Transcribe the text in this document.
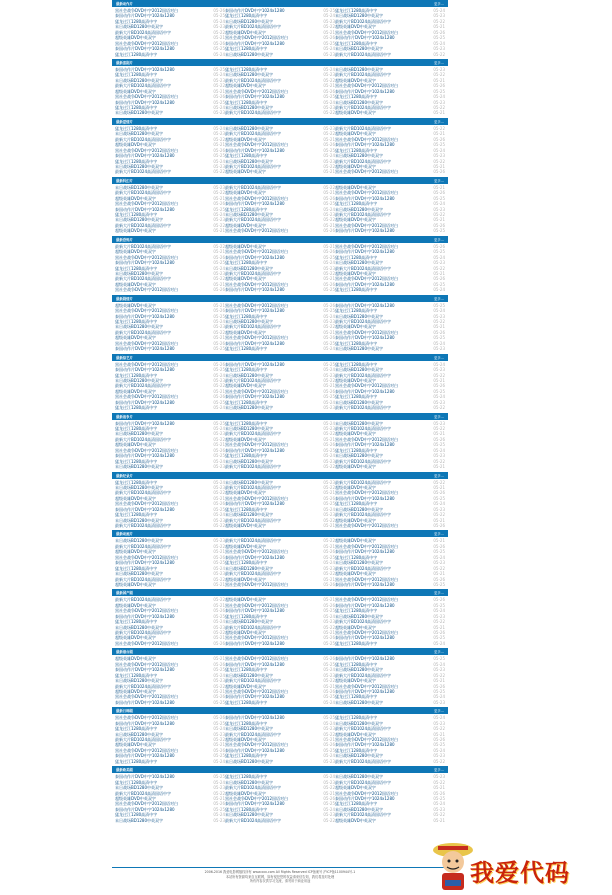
最新动作片	更多...
黑社会战争DVD中字2012国语对白	05-26
泰国动作片DVD中字1024x1280	05-25
猛龙过江1280高清中字	05-24
末日战场BD1280中英双字	05-23
最新大片BD1024高清国语中字	05-22
超级英雄DVD中英双字	05-21
黑社会战争DVD中字2012国语对白	05-26
泰国动作片DVD中字1024x1280	05-25
猛龙过江1280高清中字	05-24
泰国动作片DVD中字1024x1280	05-25
猛龙过江1280高清中字	05-24
末日战场BD1280中英双字	05-23
最新大片BD1024高清国语中字	05-22
超级英雄DVD中英双字	05-21
黑社会战争DVD中字2012国语对白	05-26
泰国动作片DVD中字1024x1280	05-25
猛龙过江1280高清中字	05-24
末日战场BD1280中英双字	05-23
猛龙过江1280高清中字	05-24
末日战场BD1280中英双字	05-23
最新大片BD1024高清国语中字	05-22
超级英雄DVD中英双字	05-21
黑社会战争DVD中字2012国语对白	05-26
泰国动作片DVD中字1024x1280	05-25
猛龙过江1280高清中字	05-24
末日战场BD1280中英双字	05-23
最新大片BD1024高清国语中字	05-22
最新喜剧片	更多...
泰国动作片DVD中字1024x1280	05-25
猛龙过江1280高清中字	05-24
末日战场BD1280中英双字	05-23
最新大片BD1024高清国语中字	05-22
超级英雄DVD中英双字	05-21
黑社会战争DVD中字2012国语对白	05-26
泰国动作片DVD中字1024x1280	05-25
猛龙过江1280高清中字	05-24
末日战场BD1280中英双字	05-23
猛龙过江1280高清中字	05-24
末日战场BD1280中英双字	05-23
最新大片BD1024高清国语中字	05-22
超级英雄DVD中英双字	05-21
黑社会战争DVD中字2012国语对白	05-26
泰国动作片DVD中字1024x1280	05-25
猛龙过江1280高清中字	05-24
末日战场BD1280中英双字	05-23
最新大片BD1024高清国语中字	05-22
末日战场BD1280中英双字	05-23
最新大片BD1024高清国语中字	05-22
超级英雄DVD中英双字	05-21
黑社会战争DVD中字2012国语对白	05-26
泰国动作片DVD中字1024x1280	05-25
猛龙过江1280高清中字	05-24
末日战场BD1280中英双字	05-23
最新大片BD1024高清国语中字	05-22
超级英雄DVD中英双字	05-21
最新爱情片	更多...
猛龙过江1280高清中字	05-24
末日战场BD1280中英双字	05-23
最新大片BD1024高清国语中字	05-22
超级英雄DVD中英双字	05-21
黑社会战争DVD中字2012国语对白	05-26
泰国动作片DVD中字1024x1280	05-25
猛龙过江1280高清中字	05-24
末日战场BD1280中英双字	05-23
最新大片BD1024高清国语中字	05-22
末日战场BD1280中英双字	05-23
最新大片BD1024高清国语中字	05-22
超级英雄DVD中英双字	05-21
黑社会战争DVD中字2012国语对白	05-26
泰国动作片DVD中字1024x1280	05-25
猛龙过江1280高清中字	05-24
末日战场BD1280中英双字	05-23
最新大片BD1024高清国语中字	05-22
超级英雄DVD中英双字	05-21
最新大片BD1024高清国语中字	05-22
超级英雄DVD中英双字	05-21
黑社会战争DVD中字2012国语对白	05-26
泰国动作片DVD中字1024x1280	05-25
猛龙过江1280高清中字	05-24
末日战场BD1280中英双字	05-23
最新大片BD1024高清国语中字	05-22
超级英雄DVD中英双字	05-21
黑社会战争DVD中字2012国语对白	05-26
最新科幻片	更多...
末日战场BD1280中英双字	05-23
最新大片BD1024高清国语中字	05-22
超级英雄DVD中英双字	05-21
黑社会战争DVD中字2012国语对白	05-26
泰国动作片DVD中字1024x1280	05-25
猛龙过江1280高清中字	05-24
末日战场BD1280中英双字	05-23
最新大片BD1024高清国语中字	05-22
超级英雄DVD中英双字	05-21
最新大片BD1024高清国语中字	05-22
超级英雄DVD中英双字	05-21
黑社会战争DVD中字2012国语对白	05-26
泰国动作片DVD中字1024x1280	05-25
猛龙过江1280高清中字	05-24
末日战场BD1280中英双字	05-23
最新大片BD1024高清国语中字	05-22
超级英雄DVD中英双字	05-21
黑社会战争DVD中字2012国语对白	05-26
超级英雄DVD中英双字	05-21
黑社会战争DVD中字2012国语对白	05-26
泰国动作片DVD中字1024x1280	05-25
猛龙过江1280高清中字	05-24
末日战场BD1280中英双字	05-23
最新大片BD1024高清国语中字	05-22
超级英雄DVD中英双字	05-21
黑社会战争DVD中字2012国语对白	05-26
泰国动作片DVD中字1024x1280	05-25
最新恐怖片	更多...
最新大片BD1024高清国语中字	05-22
超级英雄DVD中英双字	05-21
黑社会战争DVD中字2012国语对白	05-26
泰国动作片DVD中字1024x1280	05-25
猛龙过江1280高清中字	05-24
末日战场BD1280中英双字	05-23
最新大片BD1024高清国语中字	05-22
超级英雄DVD中英双字	05-21
黑社会战争DVD中字2012国语对白	05-26
超级英雄DVD中英双字	05-21
黑社会战争DVD中字2012国语对白	05-26
泰国动作片DVD中字1024x1280	05-25
猛龙过江1280高清中字	05-24
末日战场BD1280中英双字	05-23
最新大片BD1024高清国语中字	05-22
超级英雄DVD中英双字	05-21
黑社会战争DVD中字2012国语对白	05-26
泰国动作片DVD中字1024x1280	05-25
黑社会战争DVD中字2012国语对白	05-26
泰国动作片DVD中字1024x1280	05-25
猛龙过江1280高清中字	05-24
末日战场BD1280中英双字	05-23
最新大片BD1024高清国语中字	05-22
超级英雄DVD中英双字	05-21
黑社会战争DVD中字2012国语对白	05-26
泰国动作片DVD中字1024x1280	05-25
猛龙过江1280高清中字	05-24
最新剧情片	更多...
超级英雄DVD中英双字	05-21
黑社会战争DVD中字2012国语对白	05-26
泰国动作片DVD中字1024x1280	05-25
猛龙过江1280高清中字	05-24
末日战场BD1280中英双字	05-23
最新大片BD1024高清国语中字	05-22
超级英雄DVD中英双字	05-21
黑社会战争DVD中字2012国语对白	05-26
泰国动作片DVD中字1024x1280	05-25
黑社会战争DVD中字2012国语对白	05-26
泰国动作片DVD中字1024x1280	05-25
猛龙过江1280高清中字	05-24
末日战场BD1280中英双字	05-23
最新大片BD1024高清国语中字	05-22
超级英雄DVD中英双字	05-21
黑社会战争DVD中字2012国语对白	05-26
泰国动作片DVD中字1024x1280	05-25
猛龙过江1280高清中字	05-24
泰国动作片DVD中字1024x1280	05-25
猛龙过江1280高清中字	05-24
末日战场BD1280中英双字	05-23
最新大片BD1024高清国语中字	05-22
超级英雄DVD中英双字	05-21
黑社会战争DVD中字2012国语对白	05-26
泰国动作片DVD中字1024x1280	05-25
猛龙过江1280高清中字	05-24
末日战场BD1280中英双字	05-23
最新综艺片	更多...
黑社会战争DVD中字2012国语对白	05-26
泰国动作片DVD中字1024x1280	05-25
猛龙过江1280高清中字	05-24
末日战场BD1280中英双字	05-23
最新大片BD1024高清国语中字	05-22
超级英雄DVD中英双字	05-21
黑社会战争DVD中字2012国语对白	05-26
泰国动作片DVD中字1024x1280	05-25
猛龙过江1280高清中字	05-24
泰国动作片DVD中字1024x1280	05-25
猛龙过江1280高清中字	05-24
末日战场BD1280中英双字	05-23
最新大片BD1024高清国语中字	05-22
超级英雄DVD中英双字	05-21
黑社会战争DVD中字2012国语对白	05-26
泰国动作片DVD中字1024x1280	05-25
猛龙过江1280高清中字	05-24
末日战场BD1280中英双字	05-23
猛龙过江1280高清中字	05-24
末日战场BD1280中英双字	05-23
最新大片BD1024高清国语中字	05-22
超级英雄DVD中英双字	05-21
黑社会战争DVD中字2012国语对白	05-26
泰国动作片DVD中字1024x1280	05-25
猛龙过江1280高清中字	05-24
末日战场BD1280中英双字	05-23
最新大片BD1024高清国语中字	05-22
最新战争片	更多...
泰国动作片DVD中字1024x1280	05-25
猛龙过江1280高清中字	05-24
末日战场BD1280中英双字	05-23
最新大片BD1024高清国语中字	05-22
超级英雄DVD中英双字	05-21
黑社会战争DVD中字2012国语对白	05-26
泰国动作片DVD中字1024x1280	05-25
猛龙过江1280高清中字	05-24
末日战场BD1280中英双字	05-23
猛龙过江1280高清中字	05-24
末日战场BD1280中英双字	05-23
最新大片BD1024高清国语中字	05-22
超级英雄DVD中英双字	05-21
黑社会战争DVD中字2012国语对白	05-26
泰国动作片DVD中字1024x1280	05-25
猛龙过江1280高清中字	05-24
末日战场BD1280中英双字	05-23
最新大片BD1024高清国语中字	05-22
末日战场BD1280中英双字	05-23
最新大片BD1024高清国语中字	05-22
超级英雄DVD中英双字	05-21
黑社会战争DVD中字2012国语对白	05-26
泰国动作片DVD中字1024x1280	05-25
猛龙过江1280高清中字	05-24
末日战场BD1280中英双字	05-23
最新大片BD1024高清国语中字	05-22
超级英雄DVD中英双字	05-21
最新纪录片	更多...
猛龙过江1280高清中字	05-24
末日战场BD1280中英双字	05-23
最新大片BD1024高清国语中字	05-22
超级英雄DVD中英双字	05-21
黑社会战争DVD中字2012国语对白	05-26
泰国动作片DVD中字1024x1280	05-25
猛龙过江1280高清中字	05-24
末日战场BD1280中英双字	05-23
最新大片BD1024高清国语中字	05-22
末日战场BD1280中英双字	05-23
最新大片BD1024高清国语中字	05-22
超级英雄DVD中英双字	05-21
黑社会战争DVD中字2012国语对白	05-26
泰国动作片DVD中字1024x1280	05-25
猛龙过江1280高清中字	05-24
末日战场BD1280中英双字	05-23
最新大片BD1024高清国语中字	05-22
超级英雄DVD中英双字	05-21
最新大片BD1024高清国语中字	05-22
超级英雄DVD中英双字	05-21
黑社会战争DVD中字2012国语对白	05-26
泰国动作片DVD中字1024x1280	05-25
猛龙过江1280高清中字	05-24
末日战场BD1280中英双字	05-23
最新大片BD1024高清国语中字	05-22
超级英雄DVD中英双字	05-21
黑社会战争DVD中字2012国语对白	05-26
最新动画片	更多...
末日战场BD1280中英双字	05-23
最新大片BD1024高清国语中字	05-22
超级英雄DVD中英双字	05-21
黑社会战争DVD中字2012国语对白	05-26
泰国动作片DVD中字1024x1280	05-25
猛龙过江1280高清中字	05-24
末日战场BD1280中英双字	05-23
最新大片BD1024高清国语中字	05-22
超级英雄DVD中英双字	05-21
最新大片BD1024高清国语中字	05-22
超级英雄DVD中英双字	05-21
黑社会战争DVD中字2012国语对白	05-26
泰国动作片DVD中字1024x1280	05-25
猛龙过江1280高清中字	05-24
末日战场BD1280中英双字	05-23
最新大片BD1024高清国语中字	05-22
超级英雄DVD中英双字	05-21
黑社会战争DVD中字2012国语对白	05-26
超级英雄DVD中英双字	05-21
黑社会战争DVD中字2012国语对白	05-26
泰国动作片DVD中字1024x1280	05-25
猛龙过江1280高清中字	05-24
末日战场BD1280中英双字	05-23
最新大片BD1024高清国语中字	05-22
超级英雄DVD中英双字	05-21
黑社会战争DVD中字2012国语对白	05-26
泰国动作片DVD中字1024x1280	05-25
最新国产剧	更多...
最新大片BD1024高清国语中字	05-22
超级英雄DVD中英双字	05-21
黑社会战争DVD中字2012国语对白	05-26
泰国动作片DVD中字1024x1280	05-25
猛龙过江1280高清中字	05-24
末日战场BD1280中英双字	05-23
最新大片BD1024高清国语中字	05-22
超级英雄DVD中英双字	05-21
黑社会战争DVD中字2012国语对白	05-26
超级英雄DVD中英双字	05-21
黑社会战争DVD中字2012国语对白	05-26
泰国动作片DVD中字1024x1280	05-25
猛龙过江1280高清中字	05-24
末日战场BD1280中英双字	05-23
最新大片BD1024高清国语中字	05-22
超级英雄DVD中英双字	05-21
黑社会战争DVD中字2012国语对白	05-26
泰国动作片DVD中字1024x1280	05-25
黑社会战争DVD中字2012国语对白	05-26
泰国动作片DVD中字1024x1280	05-25
猛龙过江1280高清中字	05-24
末日战场BD1280中英双字	05-23
最新大片BD1024高清国语中字	05-22
超级英雄DVD中英双字	05-21
黑社会战争DVD中字2012国语对白	05-26
泰国动作片DVD中字1024x1280	05-25
猛龙过江1280高清中字	05-24
最新港台剧	更多...
超级英雄DVD中英双字	05-21
黑社会战争DVD中字2012国语对白	05-26
泰国动作片DVD中字1024x1280	05-25
猛龙过江1280高清中字	05-24
末日战场BD1280中英双字	05-23
最新大片BD1024高清国语中字	05-22
超级英雄DVD中英双字	05-21
黑社会战争DVD中字2012国语对白	05-26
泰国动作片DVD中字1024x1280	05-25
黑社会战争DVD中字2012国语对白	05-26
泰国动作片DVD中字1024x1280	05-25
猛龙过江1280高清中字	05-24
末日战场BD1280中英双字	05-23
最新大片BD1024高清国语中字	05-22
超级英雄DVD中英双字	05-21
黑社会战争DVD中字2012国语对白	05-26
泰国动作片DVD中字1024x1280	05-25
猛龙过江1280高清中字	05-24
泰国动作片DVD中字1024x1280	05-25
猛龙过江1280高清中字	05-24
末日战场BD1280中英双字	05-23
最新大片BD1024高清国语中字	05-22
超级英雄DVD中英双字	05-21
黑社会战争DVD中字2012国语对白	05-26
泰国动作片DVD中字1024x1280	05-25
猛龙过江1280高清中字	05-24
末日战场BD1280中英双字	05-23
最新日韩剧	更多...
黑社会战争DVD中字2012国语对白	05-26
泰国动作片DVD中字1024x1280	05-25
猛龙过江1280高清中字	05-24
末日战场BD1280中英双字	05-23
最新大片BD1024高清国语中字	05-22
超级英雄DVD中英双字	05-21
黑社会战争DVD中字2012国语对白	05-26
泰国动作片DVD中字1024x1280	05-25
猛龙过江1280高清中字	05-24
泰国动作片DVD中字1024x1280	05-25
猛龙过江1280高清中字	05-24
末日战场BD1280中英双字	05-23
最新大片BD1024高清国语中字	05-22
超级英雄DVD中英双字	05-21
黑社会战争DVD中字2012国语对白	05-26
泰国动作片DVD中字1024x1280	05-25
猛龙过江1280高清中字	05-24
末日战场BD1280中英双字	05-23
猛龙过江1280高清中字	05-24
末日战场BD1280中英双字	05-23
最新大片BD1024高清国语中字	05-22
超级英雄DVD中英双字	05-21
黑社会战争DVD中字2012国语对白	05-26
泰国动作片DVD中字1024x1280	05-25
猛龙过江1280高清中字	05-24
末日战场BD1280中英双字	05-23
最新大片BD1024高清国语中字	05-22
最新欧美剧	更多...
泰国动作片DVD中字1024x1280	05-25
猛龙过江1280高清中字	05-24
末日战场BD1280中英双字	05-23
最新大片BD1024高清国语中字	05-22
超级英雄DVD中英双字	05-21
黑社会战争DVD中字2012国语对白	05-26
泰国动作片DVD中字1024x1280	05-25
猛龙过江1280高清中字	05-24
末日战场BD1280中英双字	05-23
猛龙过江1280高清中字	05-24
末日战场BD1280中英双字	05-23
最新大片BD1024高清国语中字	05-22
超级英雄DVD中英双字	05-21
黑社会战争DVD中字2012国语对白	05-26
泰国动作片DVD中字1024x1280	05-25
猛龙过江1280高清中字	05-24
末日战场BD1280中英双字	05-23
最新大片BD1024高清国语中字	05-22
末日战场BD1280中英双字	05-23
最新大片BD1024高清国语中字	05-22
超级英雄DVD中英双字	05-21
黑社会战争DVD中字2012国语对白	05-26
泰国动作片DVD中字1024x1280	05-25
猛龙过江1280高清中字	05-24
末日战场BD1280中英双字	05-23
最新大片BD1024高清国语中字	05-22
超级英雄DVD中英双字	05-21
2006-2016 我爱电影网版权所有 www.xxx.com All Rights Reserved ICP备案号 沪ICP备1100944号-1
本站所有资源均来自互联网，如有侵犯您的权益请来信告知，我们将及时处理
所有内容仅供学习交流，请勿用于商业用途	我爱代码
